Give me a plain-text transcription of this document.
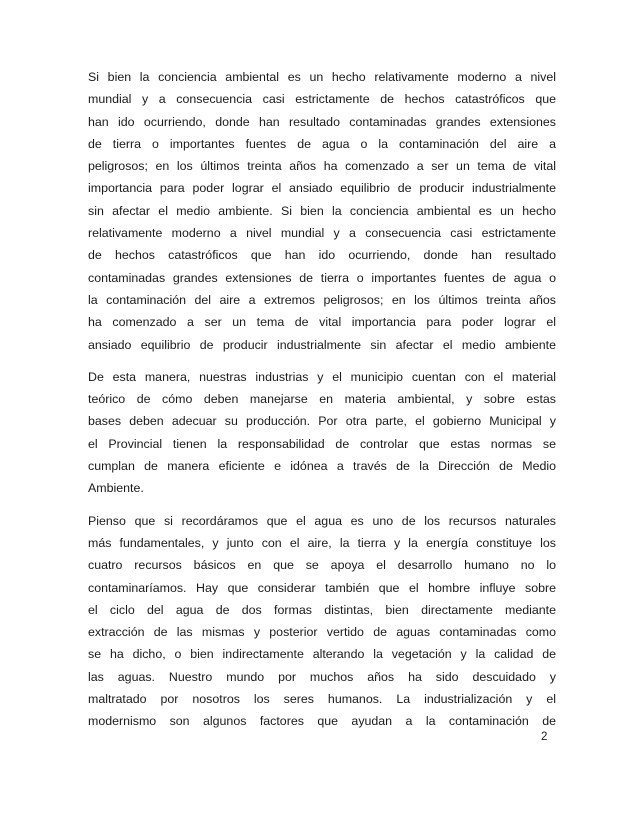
Si bien la conciencia ambiental es un hecho relativamente moderno a nivel
mundial y a consecuencia casi estrictamente de hechos catastróficos que
han ido ocurriendo, donde han resultado contaminadas grandes extensiones
de tierra o importantes fuentes de agua o la contaminación del aire a
peligrosos; en los últimos treinta años ha comenzado a ser un tema de vital
importancia para poder lograr el ansiado equilibrio de producir industrialmente
sin afectar el medio ambiente. Si bien la conciencia ambiental es un hecho
relativamente moderno a nivel mundial y a consecuencia casi estrictamente
de hechos catastróficos que han ido ocurriendo, donde han resultado
contaminadas grandes extensiones de tierra o importantes fuentes de agua o
la contaminación del aire a extremos peligrosos; en los últimos treinta años
ha comenzado a ser un tema de vital importancia para poder lograr el
ansiado equilibrio de producir industrialmente sin afectar el medio ambiente
De esta manera, nuestras industrias y el municipio cuentan con el material
teórico de cómo deben manejarse en materia ambiental, y sobre estas
bases deben adecuar su producción. Por otra parte, el gobierno Municipal y
el Provincial tienen la responsabilidad de controlar que estas normas se
cumplan de manera eficiente e idónea a través de la Dirección de Medio
Ambiente.
Pienso que si recordáramos que el agua es uno de los recursos naturales
más fundamentales, y junto con el aire, la tierra y la energía constituye los
cuatro recursos básicos en que se apoya el desarrollo humano no lo
contaminaríamos. Hay que considerar también que el hombre influye sobre
el ciclo del agua de dos formas distintas, bien directamente mediante
extracción de las mismas y posterior vertido de aguas contaminadas como
se ha dicho, o bien indirectamente alterando la vegetación y la calidad de
las aguas. Nuestro mundo por muchos años ha sido descuidado y
maltratado por nosotros los seres humanos. La industrialización y el
modernismo son algunos factores que ayudan a la contaminación de
2
